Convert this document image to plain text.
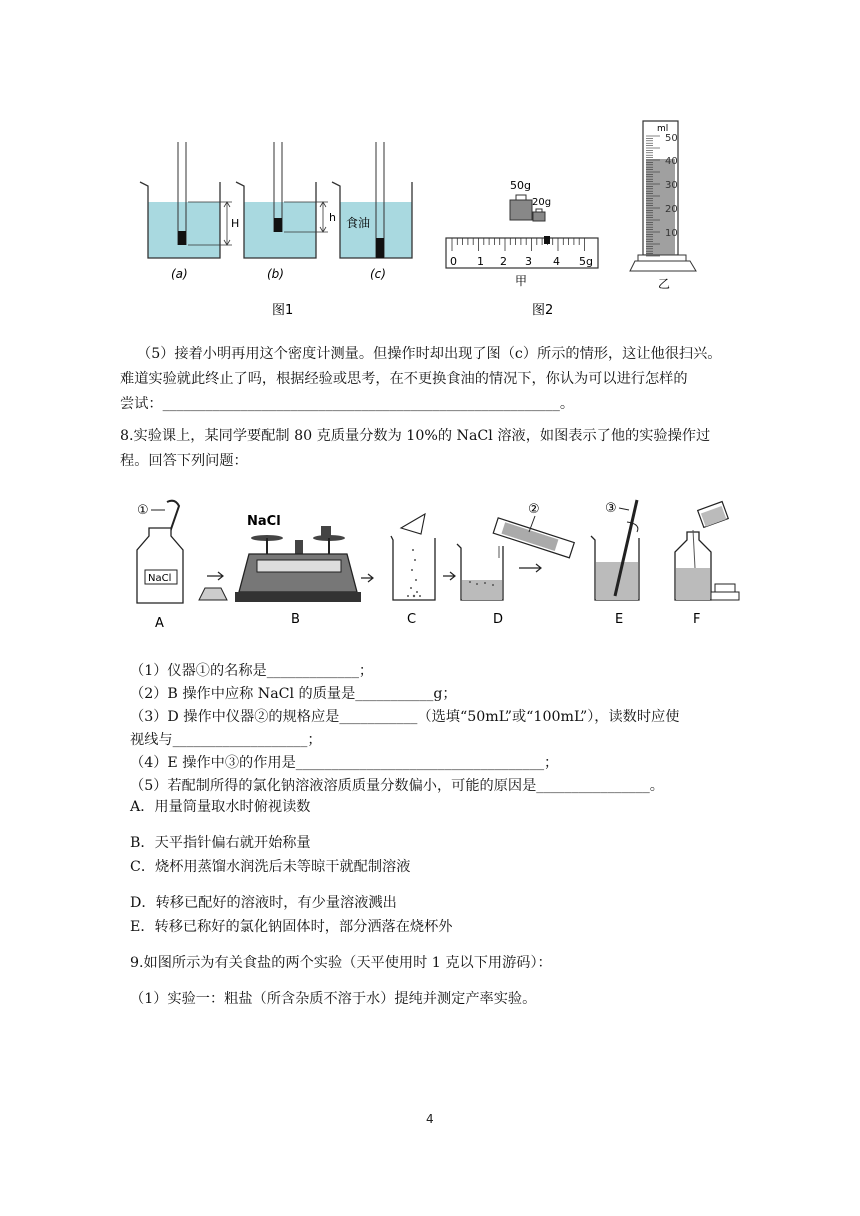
H	h 食油
(a)	(b)	(c)
图1
50g
20g
0 1 2 3 4 5g
甲
图2
ml
50
40
30
20
10
乙
（5）接着小明再用这个密度计测量。但操作时却出现了图（c）所示的情形，这让他很扫兴。
难道实验就此终止了吗，根据经验或思考，在不更换食油的情况下，你认为可以进行怎样的
尝试：________________________________________________________。
8.实验课上，某同学要配制 80 克质量分数为 10%的 NaCl 溶液，如图表示了他的实验操作过
程。回答下列问题：
①
NaCl
NaCl
②	③
A	B	C	D	E	F
（1）仪器①的名称是_____________；
（2）B 操作中应称 NaCl 的质量是___________g；
（3）D 操作中仪器②的规格应是___________（选填“50mL”或“100mL”），读数时应使
视线与___________________；
（4）E 操作中③的作用是___________________________________；
（5）若配制所得的氯化钠溶液溶质质量分数偏小，可能的原因是________________。
A．用量筒量取水时俯视读数
B．天平指针偏右就开始称量
C．烧杯用蒸馏水润洗后未等晾干就配制溶液
D．转移已配好的溶液时，有少量溶液溅出
E．转移已称好的氯化钠固体时，部分洒落在烧杯外
9.如图所示为有关食盐的两个实验（天平使用时 1 克以下用游码）：
（1）实验一：粗盐（所含杂质不溶于水）提纯并测定产率实验。
4
